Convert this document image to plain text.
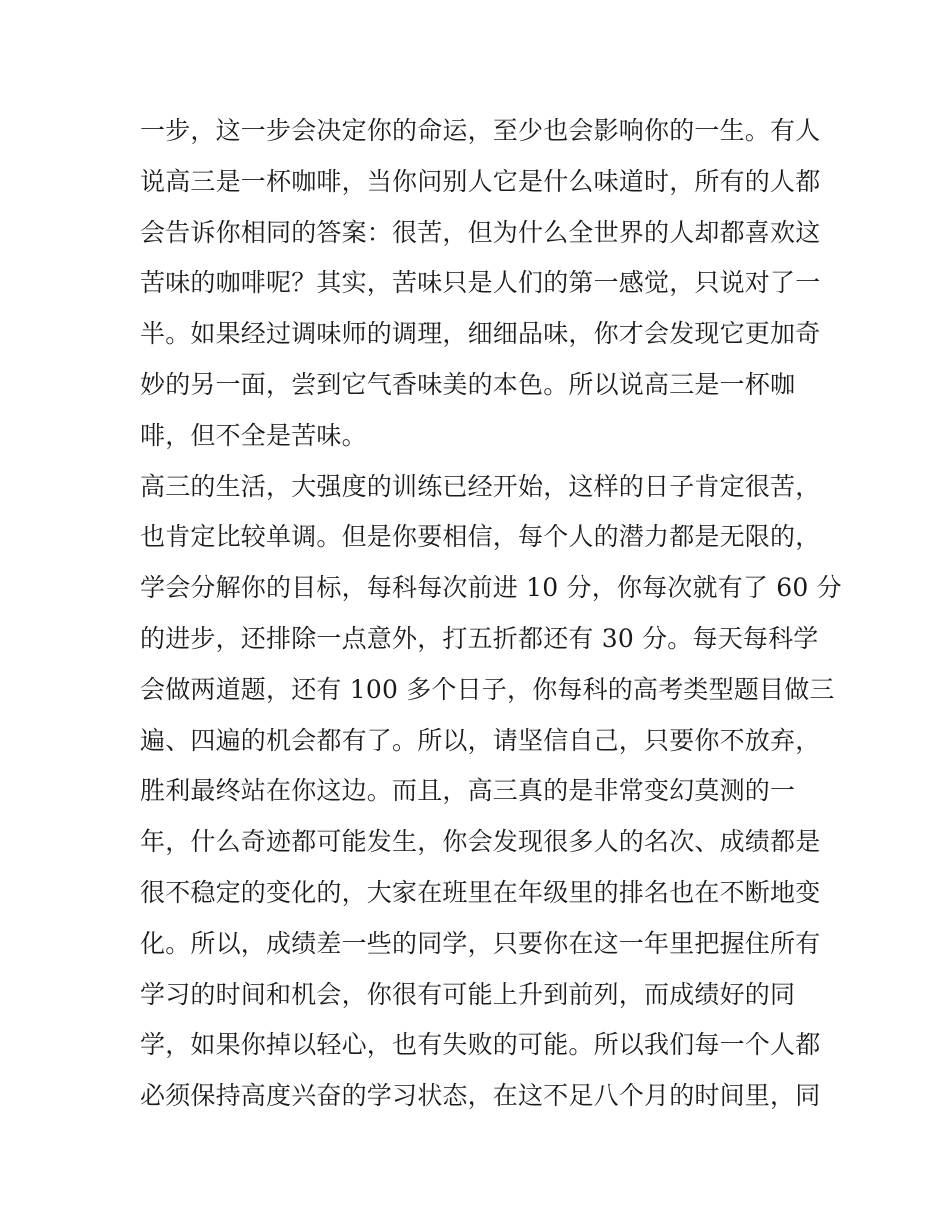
一步，这一步会决定你的命运，至少也会影响你的一生。有人
说高三是一杯咖啡，当你问别人它是什么味道时，所有的人都
会告诉你相同的答案：很苦，但为什么全世界的人却都喜欢这
苦味的咖啡呢？其实，苦味只是人们的第一感觉，只说对了一
半。如果经过调味师的调理，细细品味，你才会发现它更加奇
妙的另一面，尝到它气香味美的本色。所以说高三是一杯咖
啡，但不全是苦味。
高三的生活，大强度的训练已经开始，这样的日子肯定很苦，
也肯定比较单调。但是你要相信，每个人的潜力都是无限的，
学会分解你的目标，每科每次前进 10 分，你每次就有了 60 分
的进步，还排除一点意外，打五折都还有 30 分。每天每科学
会做两道题，还有 100 多个日子，你每科的高考类型题目做三
遍、四遍的机会都有了。所以，请坚信自己，只要你不放弃，
胜利最终站在你这边。而且，高三真的是非常变幻莫测的一
年，什么奇迹都可能发生，你会发现很多人的名次、成绩都是
很不稳定的变化的，大家在班里在年级里的排名也在不断地变
化。所以，成绩差一些的同学，只要你在这一年里把握住所有
学习的时间和机会，你很有可能上升到前列，而成绩好的同
学，如果你掉以轻心，也有失败的可能。所以我们每一个人都
必须保持高度兴奋的学习状态，在这不足八个月的时间里，同
